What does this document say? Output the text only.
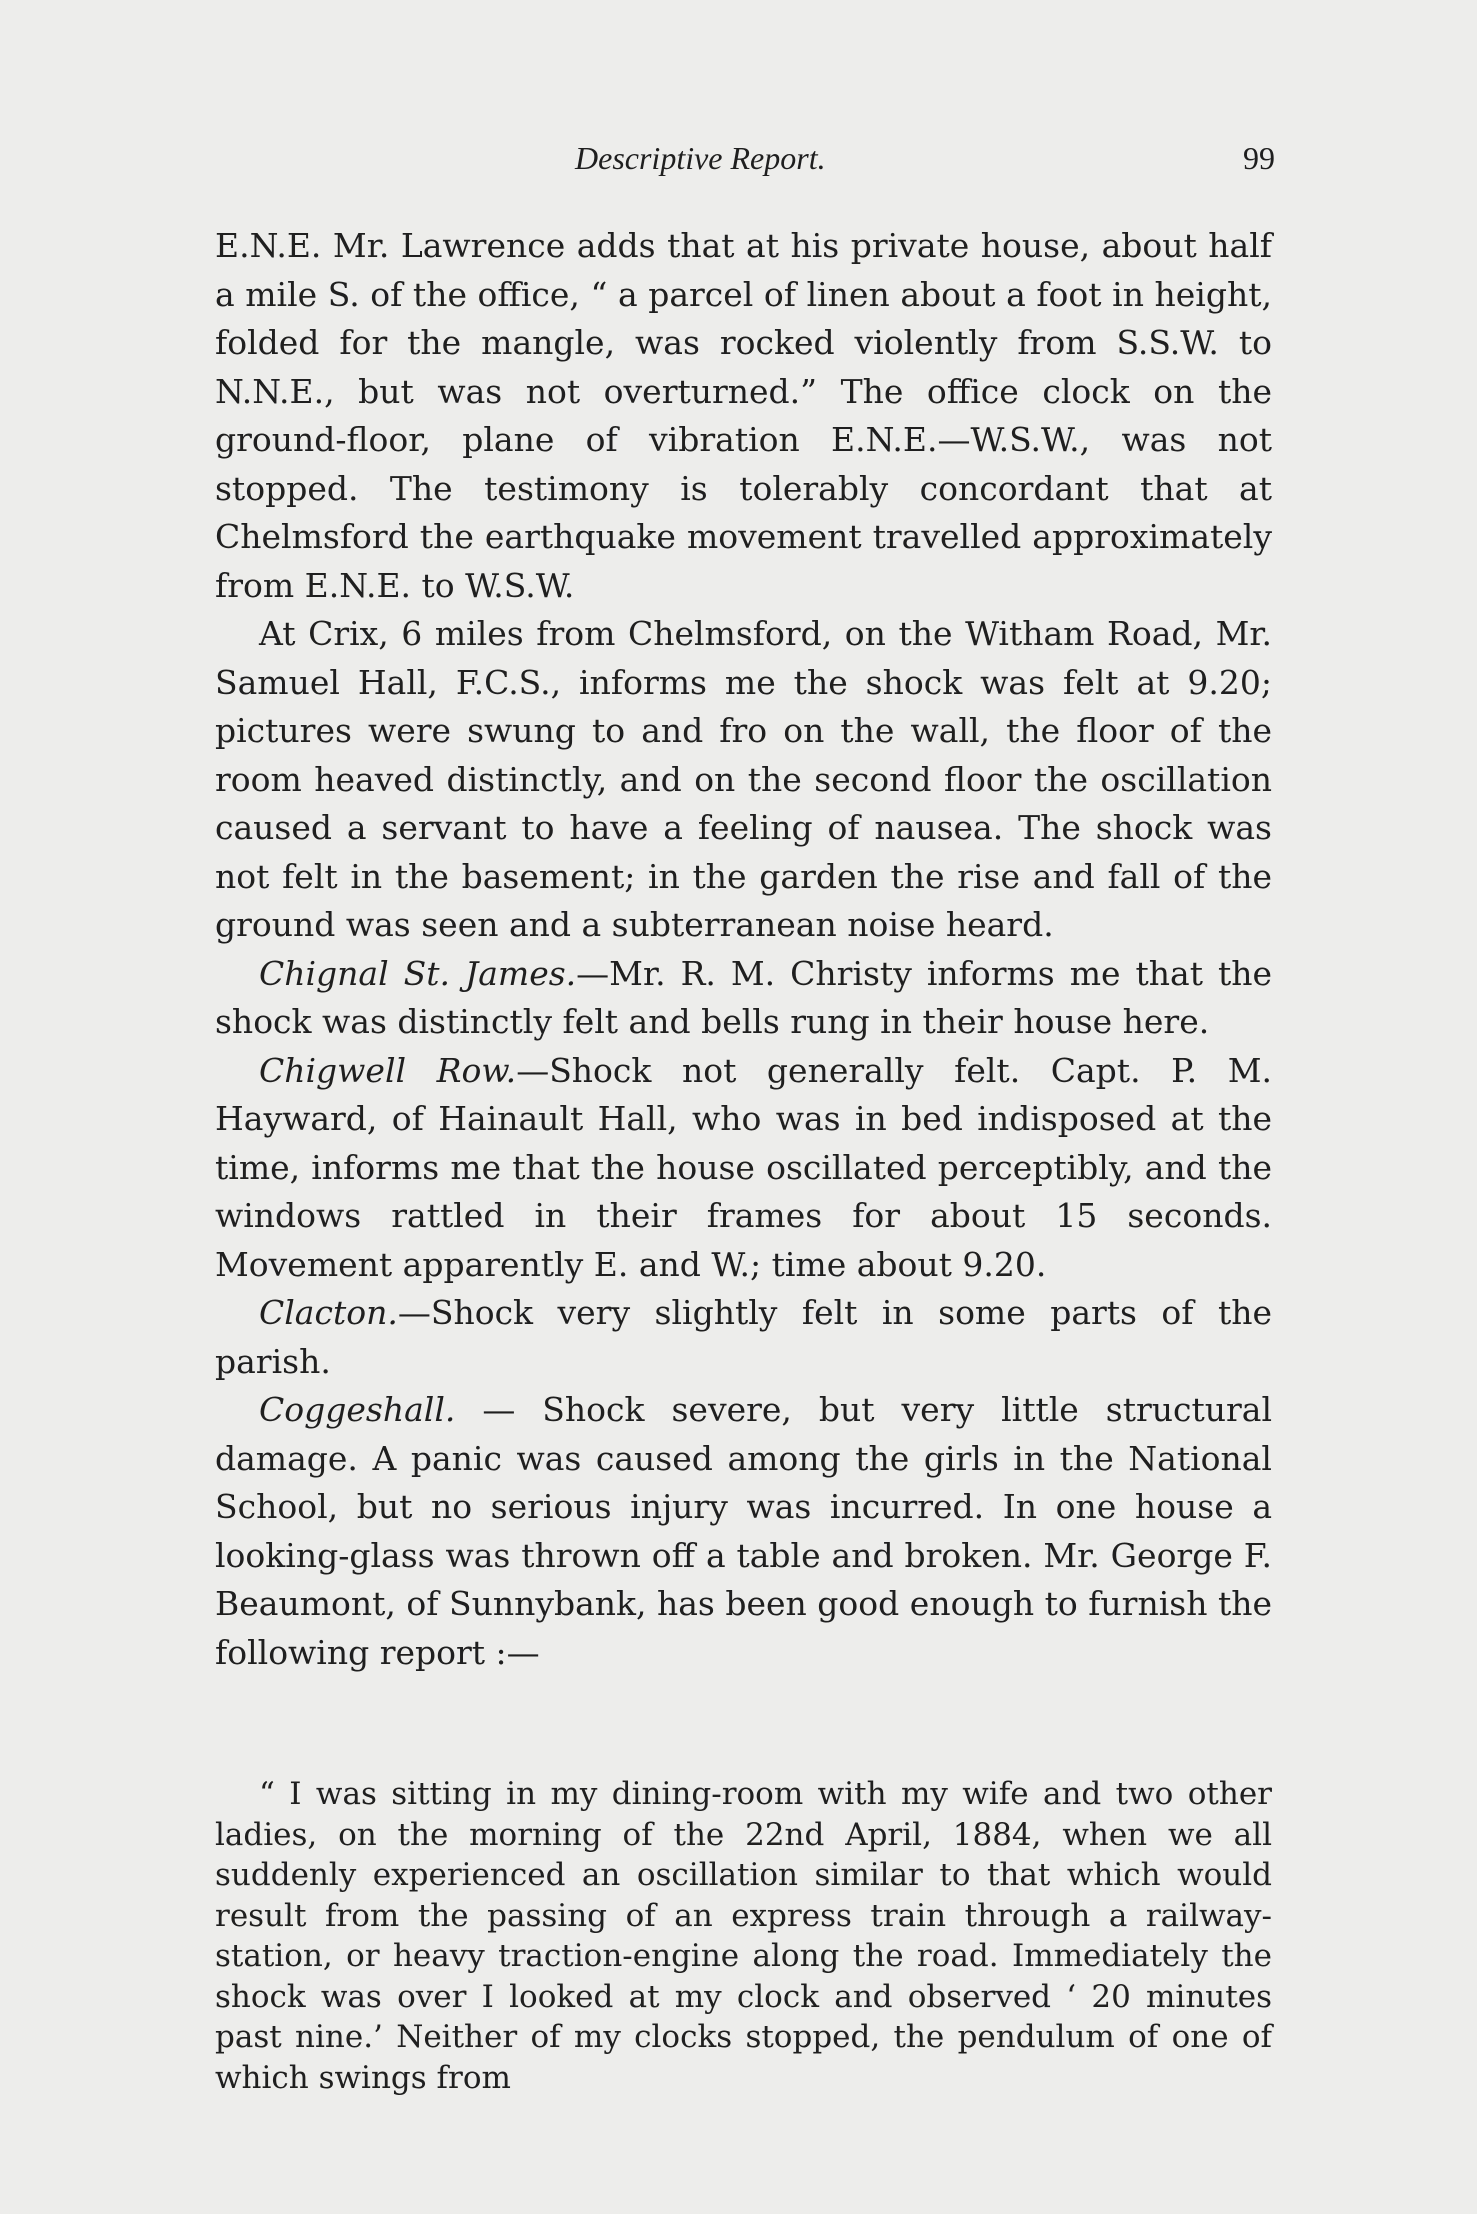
Descriptive Report.	99

E.N.E. Mr. Lawrence adds that at his private house, about half a mile S. of the office, “ a parcel of linen about a foot in height, folded for the mangle, was rocked violently from S.S.W. to N.N.E., but was not overturned.” The office clock on the ground-floor, plane of vibration E.N.E.—W.S.W., was not stopped. The testimony is tolerably concordant that at Chelmsford the earthquake movement travelled approximately from E.N.E. to W.S.W.

At Crix, 6 miles from Chelmsford, on the Witham Road, Mr. Samuel Hall, F.C.S., informs me the shock was felt at 9.20; pictures were swung to and fro on the wall, the floor of the room heaved distinctly, and on the second floor the oscillation caused a servant to have a feeling of nausea. The shock was not felt in the basement; in the garden the rise and fall of the ground was seen and a subterranean noise heard.

Chignal St. James.—Mr. R. M. Christy informs me that the shock was distinctly felt and bells rung in their house here.

Chigwell Row.—Shock not generally felt. Capt. P. M. Hayward, of Hainault Hall, who was in bed indisposed at the time, informs me that the house oscillated perceptibly, and the windows rattled in their frames for about 15 seconds. Movement apparently E. and W.; time about 9.20.

Clacton.—Shock very slightly felt in some parts of the parish.

Coggeshall. — Shock severe, but very little structural damage. A panic was caused among the girls in the National School, but no serious injury was incurred. In one house a looking-glass was thrown off a table and broken. Mr. George F. Beaumont, of Sunnybank, has been good enough to furnish the following report :—

“ I was sitting in my dining-room with my wife and two other ladies, on the morning of the 22nd April, 1884, when we all suddenly experienced an oscillation similar to that which would result from the passing of an express train through a railway-station, or heavy traction-engine along the road. Immediately the shock was over I looked at my clock and observed ‘ 20 minutes past nine.’ Neither of my clocks stopped, the pendulum of one of which swings from
